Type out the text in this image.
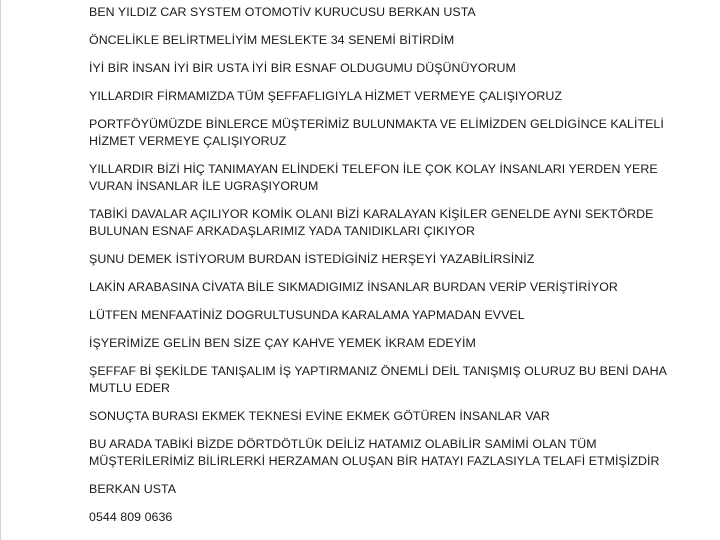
BEN YILDIZ CAR SYSTEM OTOMOTİV KURUCUSU BERKAN USTA

ÖNCELİKLE BELİRTMELİYİM MESLEKTE 34 SENEMİ BİTİRDİM

İYİ BİR İNSAN İYİ BİR USTA İYİ BİR ESNAF OLDUGUMU DÜŞÜNÜYORUM

YILLARDIR FİRMAMIZDA TÜM ŞEFFAFLIGIYLA HİZMET VERMEYE ÇALIŞIYORUZ

PORTFÖYÜMÜZDE BİNLERCE MÜŞTERİMİZ BULUNMAKTA VE ELİMİZDEN GELDİGİNCE KALİTELİ HİZMET VERMEYE ÇALIŞIYORUZ

YILLARDIR BİZİ HİÇ TANIMAYAN ELİNDEKİ TELEFON İLE ÇOK KOLAY İNSANLARI YERDEN YERE VURAN İNSANLAR İLE UGRAŞIYORUM

TABİKİ DAVALAR AÇILIYOR KOMİK OLANI BİZİ KARALAYAN KİŞİLER GENELDE AYNI SEKTÖRDE BULUNAN ESNAF ARKADAŞLARIMIZ YADA TANIDIKLARI ÇIKIYOR

ŞUNU DEMEK İSTİYORUM BURDAN İSTEDİGİNİZ HERŞEYİ YAZABİLİRSİNİZ

LAKİN ARABASINA CİVATA BİLE SIKMADIGIMIZ İNSANLAR BURDAN VERİP VERİŞTİRİYOR

LÜTFEN MENFAATİNİZ DOGRULTUSUNDA KARALAMA YAPMADAN EVVEL

İŞYERİMİZE GELİN BEN SİZE ÇAY KAHVE YEMEK İKRAM EDEYİM

ŞEFFAF Bİ ŞEKİLDE TANIŞALIM İŞ YAPTIRMANIZ ÖNEMLİ DEİL TANIŞMIŞ OLURUZ BU BENİ DAHA MUTLU EDER

SONUÇTA BURASI EKMEK TEKNESİ EVİNE EKMEK GÖTÜREN İNSANLAR VAR

BU ARADA TABİKİ BİZDE DÖRTDÖTLÜK DEİLİZ HATAMIZ OLABİLİR SAMİMİ OLAN TÜM MÜŞTERİLERİMİZ BİLİRLERKİ HERZAMAN OLUŞAN BİR HATAYI FAZLASIYLA TELAFİ ETMİŞİZDİR

BERKAN USTA

0544 809 0636
